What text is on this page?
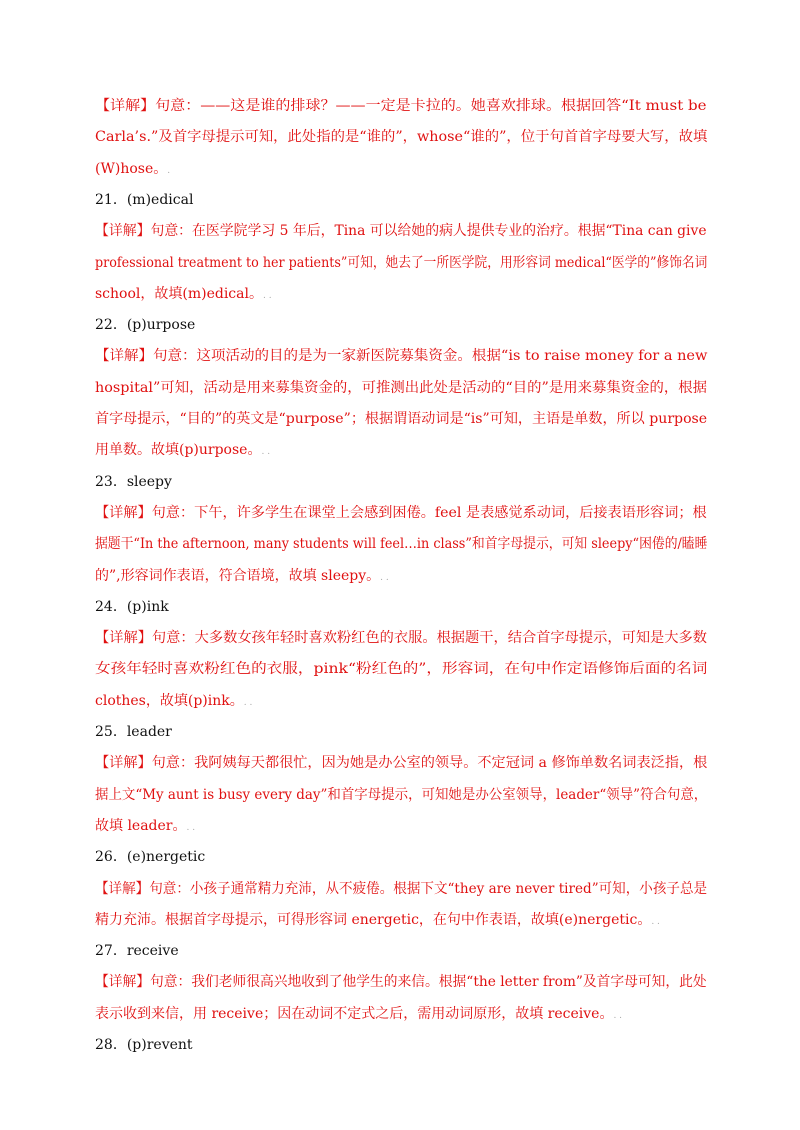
【详解】句意：——这是谁的排球？——一定是卡拉的。她喜欢排球。根据回答“It must be
Carla’s.”及首字母提示可知，此处指的是“谁的”，whose“谁的”，位于句首首字母要大写，故填
(W)hose。.
21．(m)edical
【详解】句意：在医学院学习 5 年后，Tina 可以给她的病人提供专业的治疗。根据“Tina can give
professional treatment to her patients”可知，她去了一所医学院，用形容词 medical“医学的”修饰名词
school，故填(m)edical。. .
22．(p)urpose
【详解】句意：这项活动的目的是为一家新医院募集资金。根据“is to raise money for a new
hospital”可知，活动是用来募集资金的，可推测出此处是活动的“目的”是用来募集资金的，根据
首字母提示，“目的”的英文是“purpose”；根据谓语动词是“is”可知，主语是单数，所以 purpose
用单数。故填(p)urpose。. .
23．sleepy
【详解】句意：下午，许多学生在课堂上会感到困倦。feel 是表感觉系动词，后接表语形容词；根
据题干“In the afternoon, many students will feel…in class”和首字母提示，可知 sleepy“困倦的/瞌睡
的”,形容词作表语，符合语境，故填 sleepy。. .
24．(p)ink
【详解】句意：大多数女孩年轻时喜欢粉红色的衣服。根据题干，结合首字母提示，可知是大多数
女孩年轻时喜欢粉红色的衣服，pink“粉红色的”，形容词，在句中作定语修饰后面的名词
clothes，故填(p)ink。. .
25．leader
【详解】句意：我阿姨每天都很忙，因为她是办公室的领导。不定冠词 a 修饰单数名词表泛指，根
据上文“My aunt is busy every day”和首字母提示，可知她是办公室领导，leader“领导”符合句意，
故填 leader。. .
26．(e)nergetic
【详解】句意：小孩子通常精力充沛，从不疲倦。根据下文“they are never tired”可知，小孩子总是
精力充沛。根据首字母提示，可得形容词 energetic，在句中作表语，故填(e)nergetic。. .
27．receive
【详解】句意：我们老师很高兴地收到了他学生的来信。根据“the letter from”及首字母可知，此处
表示收到来信，用 receive；因在动词不定式之后，需用动词原形，故填 receive。. .
28．(p)revent
